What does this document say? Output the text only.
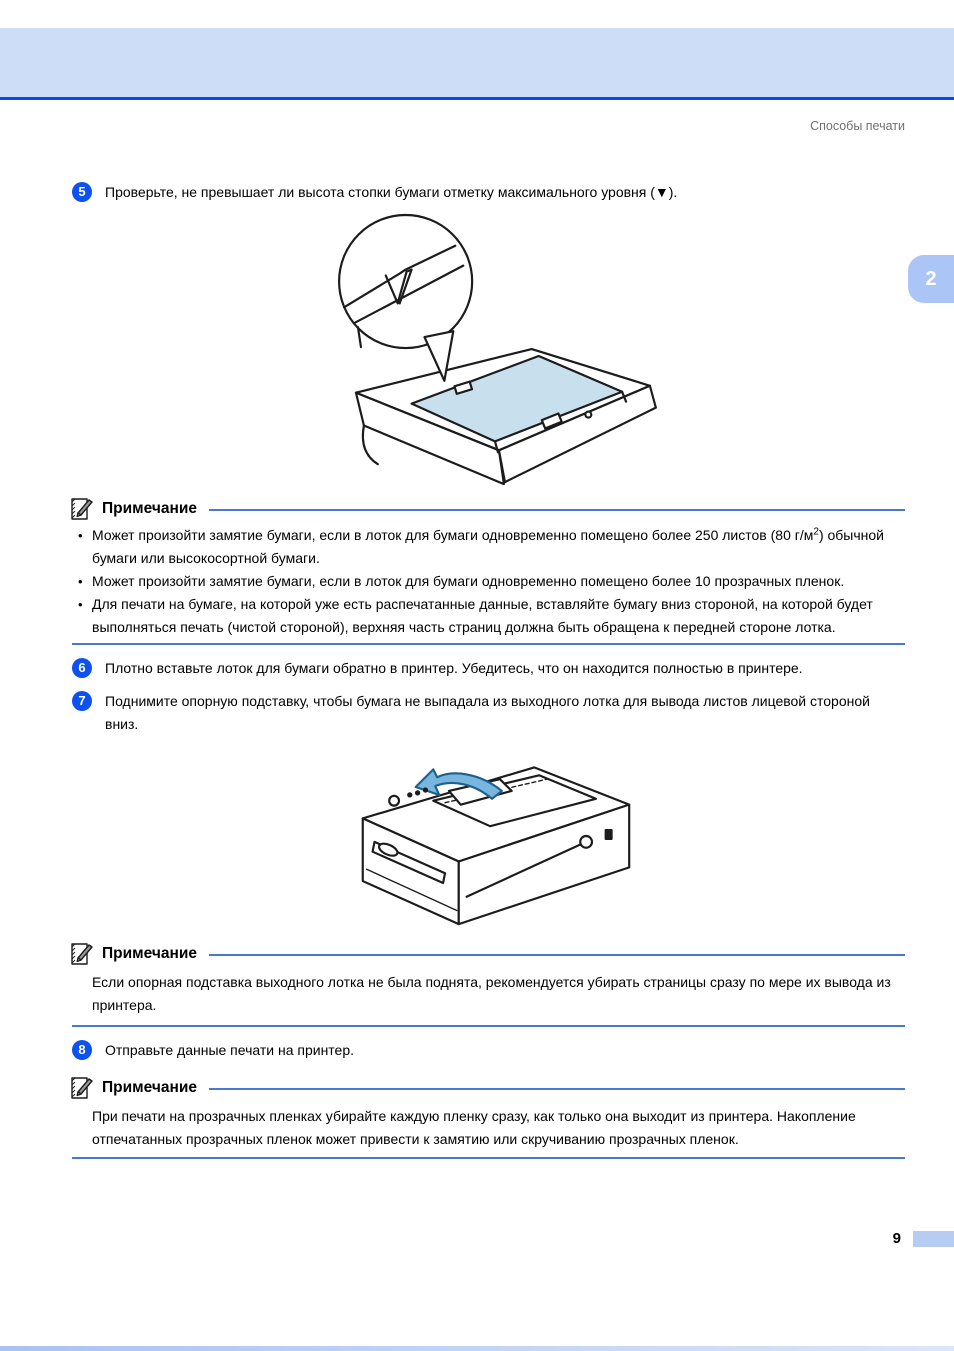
Способы печати
2
5	Проверьте, не превышает ли высота стопки бумаги отметку максимального уровня (▼).
Примечание
• Может произойти замятие бумаги, если в лоток для бумаги одновременно помещено более 250 листов (80 $г/м^2$) обычной бумаги или высокосортной бумаги.
• Может произойти замятие бумаги, если в лоток для бумаги одновременно помещено более 10 прозрачных пленок.
• Для печати на бумаге, на которой уже есть распечатанные данные, вставляйте бумагу вниз стороной, на которой будет выполняться печать (чистой стороной), верхняя часть страниц должна быть обращена к передней стороне лотка.
6	Плотно вставьте лоток для бумаги обратно в принтер. Убедитесь, что он находится полностью в принтере.
7	Поднимите опорную подставку, чтобы бумага не выпадала из выходного лотка для вывода листов лицевой стороной вниз.
Примечание
Если опорная подставка выходного лотка не была поднята, рекомендуется убирать страницы сразу по мере их вывода из принтера.
8	Отправьте данные печати на принтер.
Примечание
При печати на прозрачных пленках убирайте каждую пленку сразу, как только она выходит из принтера. Накопление отпечатанных прозрачных пленок может привести к замятию или скручиванию прозрачных пленок.
9
